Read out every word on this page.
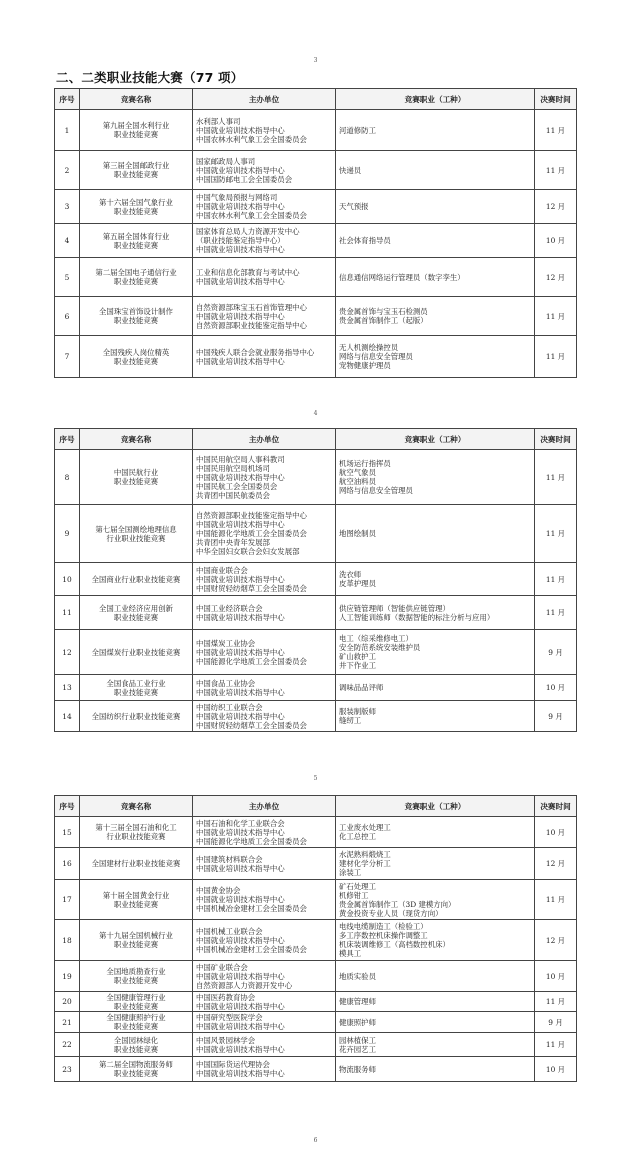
3
二、二类职业技能大赛（77 项）
序号	竞赛名称	主办单位	竞赛职业（工种）	决赛时间
1	第九届全国水利行业
职业技能竞赛	水利部人事司
中国就业培训技术指导中心
中国农林水利气象工会全国委员会	河道修防工	11 月
2	第三届全国邮政行业
职业技能竞赛	国家邮政局人事司
中国就业培训技术指导中心
中国国防邮电工会全国委员会	快递员	11 月
3	第十六届全国气象行业
职业技能竞赛	中国气象局预报与网络司
中国就业培训技术指导中心
中国农林水利气象工会全国委员会	天气预报	12 月
4	第五届全国体育行业
职业技能竞赛	国家体育总局人力资源开发中心
（职业技能鉴定指导中心）
中国就业培训技术指导中心	社会体育指导员	10 月
5	第二届全国电子通信行业
职业技能竞赛	工业和信息化部教育与考试中心
中国就业培训技术指导中心	信息通信网络运行管理员（数字孪生）	12 月
6	全国珠宝首饰设计制作
职业技能竞赛	自然资源部珠宝玉石首饰管理中心
中国就业培训技术指导中心
自然资源部职业技能鉴定指导中心	贵金属首饰与宝玉石检测员
贵金属首饰制作工（起版）	11 月
7	全国残疾人岗位精英
职业技能竞赛	中国残疾人联合会就业服务指导中心
中国就业培训技术指导中心	无人机测绘操控员
网络与信息安全管理员
宠物健康护理员	11 月
4
序号	竞赛名称	主办单位	竞赛职业（工种）	决赛时间
8	中国民航行业
职业技能竞赛	中国民用航空局人事科教司
中国民用航空局机场司
中国就业培训技术指导中心
中国民航工会全国委员会
共青团中国民航委员会	机场运行指挥员
航空气象员
航空油料员
网络与信息安全管理员	11 月
9	第七届全国测绘地理信息
行业职业技能竞赛	自然资源部职业技能鉴定指导中心
中国就业培训技术指导中心
中国能源化学地质工会全国委员会
共青团中央青年发展部
中华全国妇女联合会妇女发展部	地图绘制员	11 月
10	全国商业行业职业技能竞赛	中国商业联合会
中国就业培训技术指导中心
中国财贸轻纺烟草工会全国委员会	洗衣师
皮革护理员	11 月
11	全国工业经济应用创新
职业技能竞赛	中国工业经济联合会
中国就业培训技术指导中心	供应链管理师（智能供应链管理）
人工智能训练师（数据智能的标注分析与应用）	11 月
12	全国煤炭行业职业技能竞赛	中国煤炭工业协会
中国就业培训技术指导中心
中国能源化学地质工会全国委员会	电工（综采维修电工）
安全防范系统安装维护员
矿山救护工
井下作业工	9 月
13	全国食品工业行业
职业技能竞赛	中国食品工业协会
中国就业培训技术指导中心	调味品品评师	10 月
14	全国纺织行业职业技能竞赛	中国纺织工业联合会
中国就业培训技术指导中心
中国财贸轻纺烟草工会全国委员会	服装制版师
缝纫工	9 月
5
序号	竞赛名称	主办单位	竞赛职业（工种）	决赛时间
15	第十三届全国石油和化工
行业职业技能竞赛	中国石油和化学工业联合会
中国就业培训技术指导中心
中国能源化学地质工会全国委员会	工业废水处理工
化工总控工	10 月
16	全国建材行业职业技能竞赛	中国建筑材料联合会
中国就业培训技术指导中心	水泥熟料煅烧工
建材化学分析工
涂装工	12 月
17	第十届全国黄金行业
职业技能竞赛	中国黄金协会
中国就业培训技术指导中心
中国机械冶金建材工会全国委员会	矿石处理工
机修钳工
贵金属首饰制作工（3D 建模方向）
黄金投资专业人员（现货方向）	11 月
18	第十九届全国机械行业
职业技能竞赛	中国机械工业联合会
中国就业培训技术指导中心
中国机械冶金建材工会全国委员会	电线电缆制造工（检验工）
多工序数控机床操作调整工
机床装调维修工（高档数控机床）
模具工	12 月
19	全国地质勘查行业
职业技能竞赛	中国矿业联合会
中国就业培训技术指导中心
自然资源部人力资源开发中心	地质实验员	10 月
20	全国健康管理行业
职业技能竞赛	中国医药教育协会
中国就业培训技术指导中心	健康管理师	11 月
21	全国健康照护行业
职业技能竞赛	中国研究型医院学会
中国就业培训技术指导中心	健康照护师	9 月
22	全国园林绿化
职业技能竞赛	中国风景园林学会
中国就业培训技术指导中心	园林植保工
花卉园艺工	11 月
23	第二届全国物流服务师
职业技能竞赛	中国国际货运代理协会
中国就业培训技术指导中心	物流服务师	10 月
6
